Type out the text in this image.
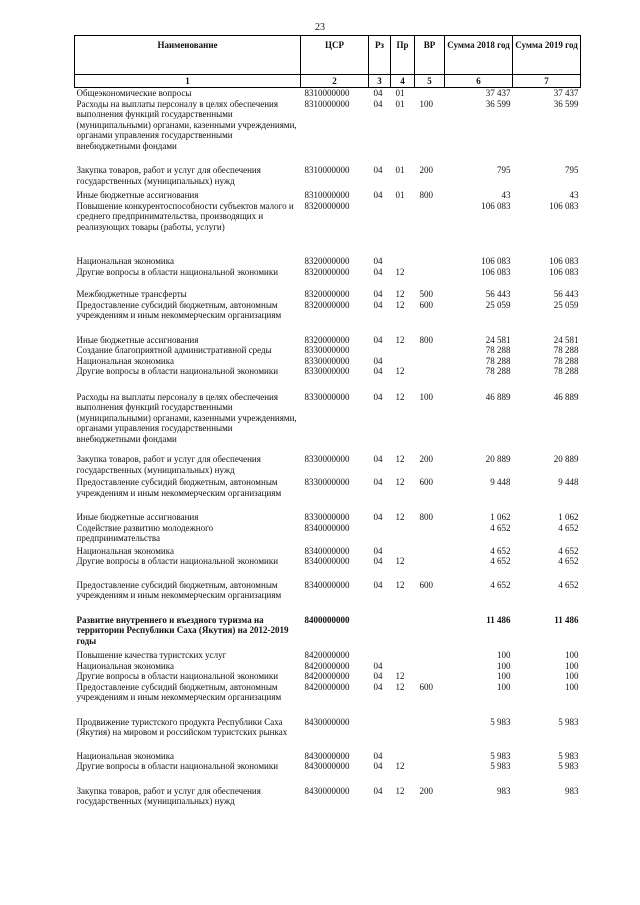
23
Наименование	ЦСР	Рз	Пр	ВР	Сумма 2018 год	Сумма 2019 год
1	2	3	4	5	6	7
Общеэкономические вопросы	8310000000	04	01		37 437	37 437
Расходы на выплаты персоналу в целях обеспечения выполнения функций государственными (муниципальными) органами, казенными учреждениями, органами управления государственными внебюджетными фондами	8310000000	04	01	100	36 599	36 599
Закупка товаров, работ и услуг для обеспечения государственных (муниципальных) нужд	8310000000	04	01	200	795	795
Иные бюджетные ассигнования	8310000000	04	01	800	43	43
Повышение конкурентоспособности субъектов малого и среднего предпринимательства, производящих и реализующих товары (работы, услуги)	8320000000				106 083	106 083
Национальная экономика	8320000000	04			106 083	106 083
Другие вопросы в области национальной экономики	8320000000	04	12		106 083	106 083
Межбюджетные трансферты	8320000000	04	12	500	56 443	56 443
Предоставление субсидий бюджетным, автономным учреждениям и иным некоммерческим организациям	8320000000	04	12	600	25 059	25 059
Иные бюджетные ассигнования	8320000000	04	12	800	24 581	24 581
Создание благоприятной административной среды	8330000000				78 288	78 288
Национальная экономика	8330000000	04			78 288	78 288
Другие вопросы в области национальной экономики	8330000000	04	12		78 288	78 288
Расходы на выплаты персоналу в целях обеспечения выполнения функций государственными (муниципальными) органами, казенными учреждениями, органами управления государственными внебюджетными фондами	8330000000	04	12	100	46 889	46 889
Закупка товаров, работ и услуг для обеспечения государственных (муниципальных) нужд	8330000000	04	12	200	20 889	20 889
Предоставление субсидий бюджетным, автономным учреждениям и иным некоммерческим организациям	8330000000	04	12	600	9 448	9 448
Иные бюджетные ассигнования	8330000000	04	12	800	1 062	1 062
Содействие развитию молодежного предпринимательства	8340000000				4 652	4 652
Национальная экономика	8340000000	04			4 652	4 652
Другие вопросы в области национальной экономики	8340000000	04	12		4 652	4 652
Предоставление субсидий бюджетным, автономным учреждениям и иным некоммерческим организациям	8340000000	04	12	600	4 652	4 652
Развитие внутреннего и въездного туризма на территории Республики Саха (Якутия) на 2012-2019 годы	8400000000				11 486	11 486
Повышение качества туристских услуг	8420000000				100	100
Национальная экономика	8420000000	04			100	100
Другие вопросы в области национальной экономики	8420000000	04	12		100	100
Предоставление субсидий бюджетным, автономным учреждениям и иным некоммерческим организациям	8420000000	04	12	600	100	100
Продвижение туристского продукта Республики Саха (Якутия) на мировом и российском туристских рынках	8430000000				5 983	5 983
Национальная экономика	8430000000	04			5 983	5 983
Другие вопросы в области национальной экономики	8430000000	04	12		5 983	5 983
Закупка товаров, работ и услуг для обеспечения государственных (муниципальных) нужд	8430000000	04	12	200	983	983
